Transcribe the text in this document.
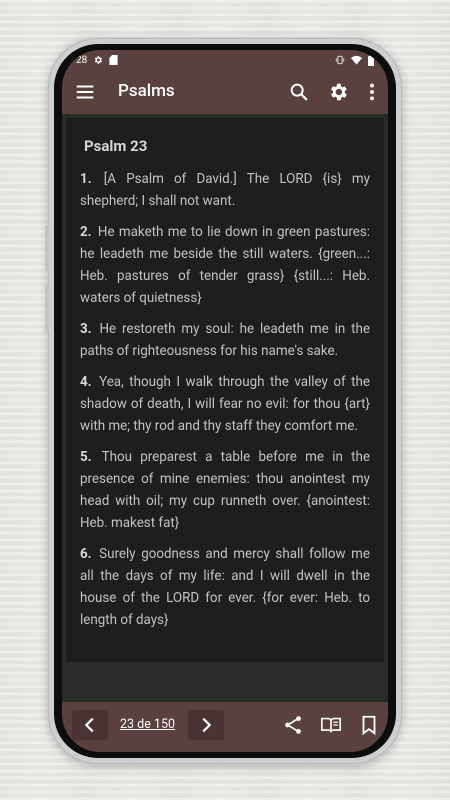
28
Psalms
Psalm 23

1. [A Psalm of David.] The LORD {is} my shepherd; I shall not want.

2. He maketh me to lie down in green pastures: he leadeth me beside the still waters. {green...: Heb. pastures of tender grass} {still...: Heb. waters of quietness}

3. He restoreth my soul: he leadeth me in the paths of righteousness for his name's sake.

4. Yea, though I walk through the valley of the shadow of death, I will fear no evil: for thou {art} with me; thy rod and thy staff they comfort me.

5. Thou preparest a table before me in the presence of mine enemies: thou anointest my head with oil; my cup runneth over. {anointest: Heb. makest fat}

6. Surely goodness and mercy shall follow me all the days of my life: and I will dwell in the house of the LORD for ever. {for ever: Heb. to length of days}

23 de 150
